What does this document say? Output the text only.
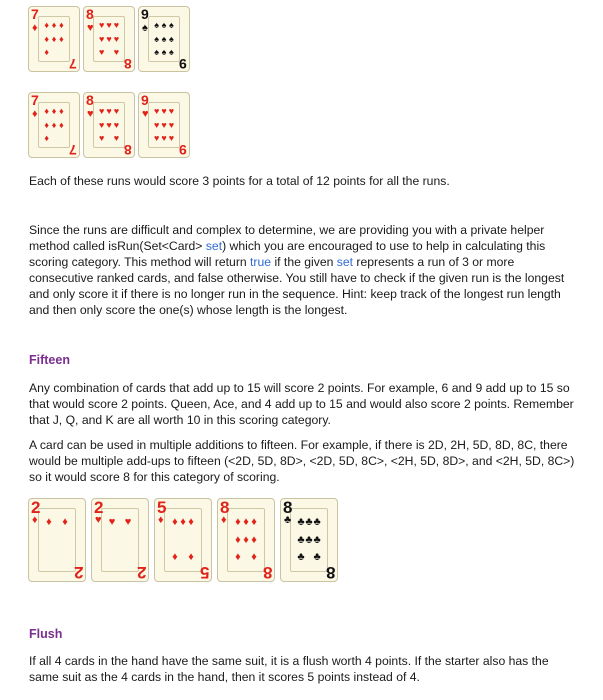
7
♦ ♦ ♦ ♦
♦ ♦ ♦
♦
7
8
♥ ♥ ♥ ♥
♥ ♥ ♥
♥ ♥
8
9
♠ ♠ ♠ ♠
♠ ♠ ♠
♠ ♠ ♠
9
7
♦ ♦ ♦ ♦
♦ ♦ ♦
♦
7
8
♥ ♥ ♥ ♥
♥ ♥ ♥
♥ ♥
8
9
♥ ♥ ♥ ♥
♥ ♥ ♥
♥ ♥ ♥
9

Each of these runs would score 3 points for a total of 12 points for all the runs.

Since the runs are difficult and complex to determine, we are providing you with a private helper method called isRun(Set<Card> set) which you are encouraged to use to help in calculating this scoring category. This method will return true if the given set represents a run of 3 or more consecutive ranked cards, and false otherwise. You still have to check if the given run is the longest and only score it if there is no longer run in the sequence. Hint: keep track of the longest run length and then only score the one(s) whose length is the longest.

Fifteen

Any combination of cards that add up to 15 will score 2 points. For example, 6 and 9 add up to 15 so that would score 2 points. Queen, Ace, and 4 add up to 15 and would also score 2 points. Remember that J, Q, and K are all worth 10 in this scoring category.

A card can be used in multiple additions to fifteen. For example, if there is 2D, 2H, 5D, 8D, 8C, there would be multiple add-ups to fifteen (<2D, 5D, 8D>, <2D, 5D, 8C>, <2H, 5D, 8D>, and <2H, 5D, 8C>) so it would score 8 for this category of scoring.

2
♦ ♦ ♦
2
2
♥ ♥ ♥
2
5
♦ ♦ ♦ ♦
♦ ♦
5
8
♦ ♦ ♦ ♦
♦ ♦ ♦
♦ ♦
8
8
♣ ♣ ♣ ♣
♣ ♣ ♣
♣ ♣
8
Flush

If all 4 cards in the hand have the same suit, it is a flush worth 4 points. If the starter also has the same suit as the 4 cards in the hand, then it scores 5 points instead of 4.
